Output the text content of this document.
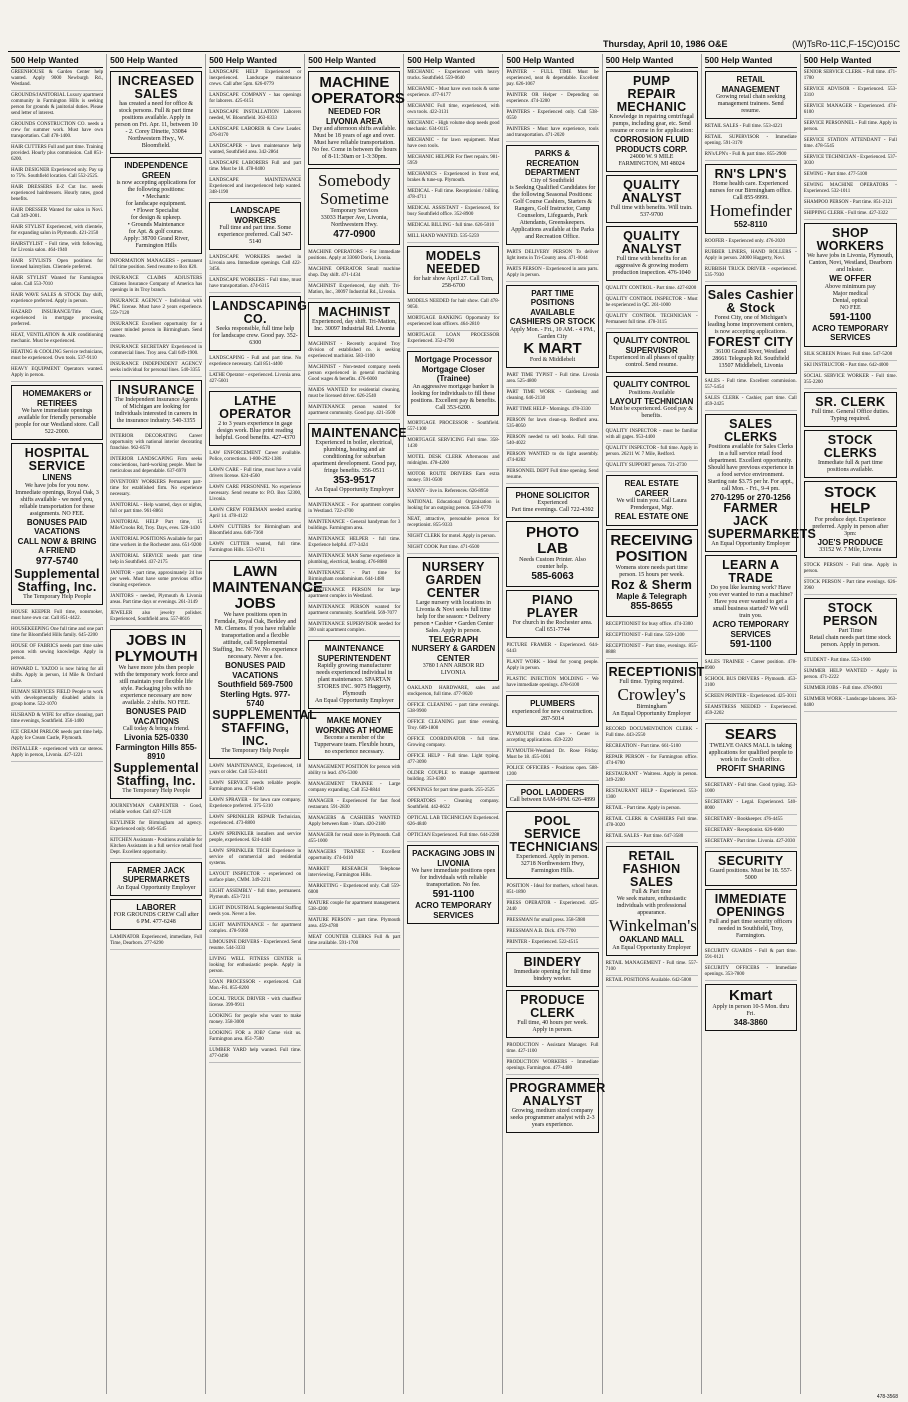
Thursday, April 10, 1986 O&E	(W)TsRo-11C,F-15C)O15C
500 Help Wanted
GREENHOUSE & Garden Center help wanted. Apply 9000 Newburgh Rd., Westland.
GROUNDS/JANITORIAL Luxury apartment community in Farmington Hills is seeking person for grounds & janitorial duties. Please send letter of interest.
GROUNDS CONSTRUCTION CO. needs a crew for summer work. Must have own transportation. Call 478-1400.
HAIR CUTTERS Full and part time. Training provided. Hourly plus commission. Call 851-6200.
HAIR DESIGNER Experienced only. Pay up to 75%. Southfield location. Call 552-2525.
HAIR DRESSERS E-Z Cut Inc. needs experienced hairdressers. Hourly rates, good benefits.
HAIR DRESSER Wanted for salon in Novi. Call 349-2001.
HAIR STYLIST Experienced, with clientele, for expanding salon in Plymouth. 421-2150
HAIRSTYLIST - Full time, with following, for Livonia salon. 464-1940
HAIR STYLISTS Open positions for licensed hairstylists. Clientele preferred.
HAIR STYLIST Wanted for Farmington salon. Call 553-7010
HAIR WAVE SALES & STOCK Day shift, experience preferred. Apply in person.
HAZARD INSURANCE/Title Clerk, experienced in mortgage processing preferred.
HEAT, VENTILATION & AIR conditioning mechanic. Must be experienced.
HEATING & COOLING Service technicians, must be experienced. Own tools. 537-9110
HEAVY EQUIPMENT Operators wanted. Apply in person.
HOMEMAKERS or RETIREES
We have immediate openings available for friendly personable people for our Westland store. Call 522-2000.
HOSPITAL SERVICE
LINENS
We have jobs for you now. Immediate openings, Royal Oak, 3 shifts available - we need you, reliable transportation for these assignments. NO FEE.
BONUSES PAID VACATIONS
CALL NOW & BRING A FRIEND
977-5740
Supplemental Staffing, Inc.
The Temporary Help People
HOUSE KEEPER Full time, nonsmoker, must have own car. Call 851-4422.
HOUSEKEEPING One full time and one part time for Bloomfield Hills family. 645-2200
HOUSE OF FABRICS needs part time sales person with sewing knowledge. Apply in person.
HOWARD L. YAZOO is now hiring for all shifts. Apply in person, 14 Mile & Orchard Lake.
HUMAN SERVICES FIELD People to work with developmentally disabled adults in group home. 522-1070
HUSBAND & WIFE for office cleaning, part time evenings, Southfield. 356-1400
ICE CREAM PARLOR needs part time help. Apply Ice Cream Castle, Plymouth.
INSTALLER - experienced with car stereos. Apply in person, Livonia. 427-1221
500 Help Wanted
INCREASED SALES
has created a need for office & stock persons. Full & part time positions available. Apply in person on Fri. Apr. 11, between 10 - 2. Corey Dinette, 33084 Northwestern Hwy., W. Bloomfield.
INDEPENDENCE GREEN
is now accepting applications for the following positions:
• Mechanic
for landscape equipment.
• Flower Specialist
for design & upkeep.
• Grounds Maintenance
for Apt. & golf course.
Apply: 38700 Grand River, Farmington Hills
INFORMATION MANAGERS - permanent full time position. Send resume to Box 820.
INSURANCE CLAIMS ADJUSTERS Citizens Insurance Company of America has openings in its Troy branch.
INSURANCE AGENCY - Individual with P&C license. Must have 2 years experience. 559-7120
INSURANCE Excellent opportunity for a career minded person in Birmingham. Send resume.
INSURANCE SECRETARY Experienced in commercial lines. Troy area. Call 649-1900.
INSURANCE INDEPENDENT AGENCY seeks individual for personal lines. 540-3355
INSURANCE
The Independent Insurance Agents of Michigan are looking for individuals interested in careers in the insurance industry. 540-3355
INTERIOR DECORATING Career opportunity with national interior decorating franchise. 962-8570
INTERIOR LANDSCAPING Firm seeks conscientious, hard-working people. Must be meticulous and dependable. 637-6970
INVENTORY WORKERS Permanent part-time for established firm. No experience necessary.
JANITORIAL - Help wanted, days or nights, full or part time. 961-8861
JANITORIAL HELP Part time, 15 Mile/Crooks Rd, Troy. Days, eves. 528-1430
JANITORIAL POSITIONS Available for part time workers in the Rochester area. 651-9200
JANITORIAL SERVICE needs part time help in Southfield. 437-2175
JANITOR - part time, approximately 24 hrs per week. Must have some previous office cleaning experience.
JANITORS - needed, Plymouth & Livonia areas. Part time days or evenings. 261-3149
JEWELER also jewelry polisher. Experienced, Southfield area. 557-8616
JOBS IN PLYMOUTH
We have more jobs then people with the temporary work force and still maintain your flexible life style. Packaging jobs with no experience necessary are now available. 2 shifts. NO FEE.
BONUSES PAID VACATIONS
Call today & bring a friend.
Livonia 525-0330
Farmington Hills 855-8910
Supplemental Staffing, Inc.
The Temporary Help People
JOURNEYMAN CARPENTER - Good, reliable worker. Call 427-1120
KEYLINER for Birmingham ad agency. Experienced only. 646-6545
KITCHEN Assistants - Positions available for Kitchen Assistants in a full service retail food Dept. Excellent opportunity.
FARMER JACK SUPERMARKETS
An Equal Opportunity Employer
LABORER
FOR GROUNDS CREW Call after 6 PM. 477-6248
LAMINATOR Experienced, immediate, Full Time, Dearborn. 277-6290
500 Help Wanted
LANDSCAPE HELP Experienced or inexperienced. Landscape maintenance crews. Call after 5pm. 626-0779
LANDSCAPE COMPANY - has openings for laborers. 425-6151
LANDSCAPE INSTALLATION Laborers needed, W. Bloomfield. 363-8333
LANDSCAPE LABORER & Crew Leader. 476-8170
LANDSCAPER - lawn maintenance help wanted, Southfield area. 342-2864
LANDSCAPE LABORERS Full and part time. Must be 18. 478-0400
LANDSCAPE MAINTENANCE Experienced and inexperienced help wanted. 348-1190
LANDSCAPE WORKERS
Full time and part time. Some experience preferred. Call 347-5140
LANDSCAPE WORKERS needed in Livonia area. Immediate openings. Call 422-3456.
LANDSCAPE WORKERS - Full time, must have transportation. 474-6315
LANDSCAPING CO.
Seeks responsible, full time help for landscape crew. Good pay. 352-6300
LANDSCAPING - Full and part time. No experience necessary. Call 851-4400
LATHE Operator - experienced. Livonia area. 427-5601
LATHE OPERATOR
2 to 3 years experience in gage design work. Blue print reading helpful. Good benefits. 427-4370
LAW ENFORCEMENT Career available. Police, corrections. 1-800-292-1386
LAWN CARE - Full time, must have a valid drivers license. 624-4560
LAWN CARE PERSONNEL No experience necessary. Send resume to: P.O. Box 52300, Livonia.
LAWN CREW FOREMAN needed starting April 14. 478-4122
LAWN CUTTERS for Birmingham and Bloomfield area. 646-7360
LAWN CUTTER wanted, full time. Farmington Hills. 553-0711
LAWN MAINTENANCE JOBS
We have positions open in Ferndale, Royal Oak, Berkley and Mt. Clemens. If you have reliable transportation and a flexible attitude, call Supplemental Staffing, Inc. NOW. No experience necessary. Never a fee.
BONUSES PAID VACATIONS
Southfield 569-7500
Sterling Hgts. 977-5740
SUPPLEMENTAL STAFFING, INC.
The Temporary Help People
LAWN MAINTENANCE, Experienced, 18 years or older. Call 553-4441
LAWN SERVICE needs reliable people. Farmington area. 476-6340
LAWN SPRAYER - for lawn care company. Experience preferred. 375-5310
LAWN SPRINKLER REPAIR Technician, experienced. 473-8800
LAWN SPRINKLER installers and service people, experienced. 624-4448
LAWN SPRINKLER TECH Experience in service of commercial and residential systems.
LAYOUT INSPECTOR - experienced on surface plate, CMM. 349-2211
LIGHT ASSEMBLY - full time, permanent. Plymouth. 453-7211
LIGHT INDUSTRIAL Supplemental Staffing needs you. Never a fee.
LIGHT MAINTENANCE - for apartment complex. 478-9360
LIMOUSINE DRIVERS - Experienced. Send resume. 544-3333
LIVING WELL FITNESS CENTER is looking for enthusiastic people. Apply in person.
LOAN PROCESSOR - experienced. Call Mon.-Fri. 855-8200
LOCAL TRUCK DRIVER - with chauffeur license. 399-9911
LOOKING for people who want to make money. 358-3000
LOOKING FOR a JOB? Come visit us. Farmington area. 851-7500
LUMBER YARD help wanted. Full time. 477-0490
500 Help Wanted
MACHINE OPERATORS
NEEDED FOR LIVONIA AREA
Day and afternoon shifts available. Must be 18 years of age and over. Must have reliable transportation. No fee. Come in between the hours of 8-11:30am or 1-3:30pm.
Somebody Sometime
Temporary Services
33033 Harper Ave, Livonia, Northwestern Hwy.
477-0900
MACHINE OPERATORS - For immediate positions. Apply at 33060 Doris, Livonia.
MACHINE OPERATOR Small machine shop. Day shift. 471-1434
MACHINIST Experienced, day shift. Tri-Mation, Inc., 30097 Industrial Rd., Livonia.
MACHINIST
Experienced, day shift. Tri-Mation, Inc. 30097 Industrial Rd. Livonia
MACHINIST - Recently acquired Troy division of established co. is seeking experienced machinist. 583-1100
MACHINIST - Non-tested company needs person experienced in general machining. Good wages & benefits. 476-6000
MAIDS WANTED for residential cleaning, must be licensed driver. 626-2540
MAINTENANCE person wanted for apartment community. Good pay. 421-3500
MAINTENANCE
Experienced in boiler, electrical, plumbing, heating and air conditioning for suburban apartment development. Good pay, fringe benefits. 356-0511
353-9517
An Equal Opportunity Employer
MAINTENANCE - For apartment complex in Westland. 722-4700
MAINTENANCE - General handyman for 3 buildings. Farmington area.
MAINTENANCE HELPER - full time. Experience helpful. 477-3424
MAINTENANCE MAN Some experience in plumbing, electrical, heating. 476-8080
MAINTENANCE - Part time for Birmingham condominium. 644-1480
MAINTENANCE PERSON for large apartment complex in Westland.
MAINTENANCE PERSON wanted for apartment community. Southfield. 569-7077
MAINTENANCE SUPERVISOR needed for 300 unit apartment complex.
MAINTENANCE SUPERINTENDENT
Rapidly growing manufacturer needs experienced individual in plant maintenance. SPARTAN STORES INC. 9075 Haggerty, Plymouth
An Equal Opportunity Employer
MAKE MONEY WORKING AT HOME
Become a member of the Tupperware team. Flexible hours, no experience necessary.
MANAGEMENT POSITION for person with ability to lead. 476-5300
MANAGEMENT TRAINEE - Large company expanding. Call 352-8844
MANAGER - Experienced for fast food restaurant. 591-2830
MANAGERS & CASHIERS WANTED Apply between 8am - 10am. 420-2180
MANAGER for retail store in Plymouth. Call 455-1000
MANAGERS TRAINEE - Excellent opportunity. 474-0410
MARKET RESEARCH Telephone interviewing. Farmington Hills.
MARKETING - Experienced only. Call 559-6000
MATURE couple for apartment management. 538-4200
MATURE PERSON - part time. Plymouth area. 459-4780
MEAT COUNTER CLERKS Full & part time available. 591-1700
500 Help Wanted
MECHANIC - Experienced with heavy trucks. Southfield. 559-0640
MECHANIC - Must have own tools & some experience. 477-6177
MECHANIC Full time, experienced, with own tools. 422-3131
MECHANIC - High volume shop needs good mechanic. 634-0115
MECHANIC - for lawn equipment. Must have own tools.
MECHANIC HELPER For fleet repairs. 981-5959
MECHANICS - Experienced in front end, brakes & tune-up. Plymouth.
MEDICAL - Full time. Receptionist / billing. 478-4711
MEDICAL ASSISTANT - Experienced, for busy Southfield office. 352-8900
MEDICAL BILLING - full time. 626-5010
MILL HAND WANTED. 535-5259
MODELS NEEDED
for hair show April 27. Call Tom, 258-6700
MODELS NEEDED for hair show. Call 478-9050.
MORTGAGE BANKING Opportunity for experienced loan officers. 464-2810
MORTGAGE LOAN PROCESSOR Experienced. 352-4790
Mortgage Processor Mortgage Closer (Trainee)
An aggressive mortgage banker is looking for individuals to fill these positions. Excellent pay & benefits. Call 353-6200.
MORTGAGE PROCESSOR - Southfield. 557-1100
MORTGAGE SERVICING Full time. 358-1430
MOTEL DESK CLERK Afternoons and midnights. 478-4200
MOTOR ROUTE DRIVERS Earn extra money. 591-0500
NANNY - live in. References. 626-8950
NATIONAL Educational Organization is looking for an outgoing person. 559-0770
NEAT, attractive, personable person for receptionist. 855-9333
NIGHT CLERK for motel. Apply in person.
NIGHT COOK Part time. 471-6500
NURSERY GARDEN CENTER
Large nursery with locations in Livonia & Novi seeks full time help for the season: • Delivery person • Cashier • Garden Center Sales. Apply in person.
TELEGRAPH NURSERY & GARDEN CENTER
3780 I ANN ARBOR RD LIVONIA
OAKLAND HARDWARE, sales and stockperson, full time. 477-9020
OFFICE CLEANING - part time evenings. 538-9900
OFFICE CLEANING part time evening. Troy. 689-1800
OFFICE COORDINATOR - full time. Growing company.
OFFICE HELP - Full time. Light typing. 477-3090
OLDER COUPLE to manage apartment building. 353-6300
OPENINGS for part time guards. 255-2525
OPERATORS - Cleaning company. Southfield. 442-8622
OPTICAL LAB TECHNICIAN Experienced. 626-4840
OPTICIAN Experienced. Full time. 644-2288
PACKAGING JOBS IN LIVONIA
We have immediate positions open for individuals with reliable transportation. No fee.
591-1100
ACRO TEMPORARY SERVICES
500 Help Wanted
PAINTER - FULL TIME Must be experienced, neat & dependable. Excellent pay. 626-1067
PAINTER OR Helper - Depending on experience. 474-3200
PAINTERS - Experienced only. Call 538-0550
PAINTERS - Must have experience, tools and transportation. 471-2020
PARKS & RECREATION DEPARTMENT
City of Southfield
is Seeking Qualified Candidates for the following Seasonal Positions: Golf Course Cashiers, Starters & Rangers, Golf Instructor, Camp Counselors, Lifeguards, Park Attendants, Greenskeepers. Applications available at the Parks and Recreation Office.
PARTS DELIVERY PERSON To deliver light items in Tri-County area. 471-0044
PARTS PERSON - Experienced in auto parts. Apply in person.
PART TIME POSITIONS AVAILABLE
CASHIERS OR STOCK
Apply Mon. - Fri., 10 AM. - 4 PM., Garden City
K MART
Ford & Middlebelt
PART TIME TYPIST - Full time. Livonia area. 525-4800
PART TIME WORK - Gardening and cleaning. 646-2130
PART TIME HELP - Mornings. 478-3330
PERSON for lawn clean-up. Redford area. 535-8050
PERSON needed to sell books. Full time. 540-4022
PERSON WANTED to do light assembly. 474-8282
PERSONNEL DEPT Full time opening. Send resume.
PHONE SOLICITOR
Experienced
Part time evenings. Call 722-4392
PHOTO LAB
Needs Custom Printer. Also counter help.
585-6063
PIANO PLAYER
For church in the Rochester area. Call 651-7744
PICTURE FRAMER - Experienced. 644-6443
PLANT WORK - Ideal for young people. Apply in person.
PLASTIC INJECTION MOLDING - We have immediate openings. 478-6100
PLUMBERS
experienced for new construction. 287-5014
PLYMOUTH Child Care - Center is accepting applications. 459-2220
PLYMOUTH-Westland Dr. Rose Friday. Must be 18. 455-1061
POLICE OFFICERS - Positions open. 588-1200
POOL LADDERS
Call between 8AM-6PM. 626-4899
POOL SERVICE TECHNICIANS
Experienced. Apply in person. 32718 Northwestern Hwy, Farmington Hills.
POSITION - Ideal for mothers, school hours. 851-1890
PRESS OPERATOR - Experienced. 425-2440
PRESSMAN for small press. 358-5980
PRESSMAN A.B. Dick. 476-7700
PRINTER - Experienced. 522-4515
BINDERY
Immediate opening for full time bindery worker.
PRODUCE CLERK
Full time, 40 hours per week. Apply in person.
PRODUCTION - Assistant Manager. Full time. 427-1100
PRODUCTION WORKERS - Immediate openings. Farmington. 477-4480
PROGRAMMER ANALYST
Growing, medium sized company seeks programmer analyst with 2-3 years experience.
500 Help Wanted
PUMP REPAIR MECHANIC
Knowledge in repairing centrifugal pumps, including gear, etc. Send resume or come in for application:
CORROSION FLUID PRODUCTS CORP.
24000 W. 9 MILE FARMINGTON, MI 48024
QUALITY ANALYST
Full time with benefits. Will train. 537-9700
QUALITY ANALYST
Full time with benefits for an aggressive & growing modern production inspection. 476-1040
QUALITY CONTROL - Part time. 427-8200
QUALITY CONTROL INSPECTOR - Must be experienced in QC. 261-1000
QUALITY CONTROL TECHNICIAN - Permanent full time. 478-3115
QUALITY CONTROL SUPERVISOR
Experienced in all phases of quality control. Send resume.
QUALITY CONTROL
Positions Available
LAYOUT TECHNICIAN
Must be experienced. Good pay & benefits.
QUALITY INSPECTOR - must be familiar with all gages. 953-4400
QUALITY INSPECTOR - full time. Apply in person. 26211 W. 7 Mile, Redford.
QUALITY SUPPORT person. 721-2730
REAL ESTATE CAREER
We will train you. Call Laura Prendergast, Mgr.
REAL ESTATE ONE
RECEIVING POSITION
Womens store needs part time person. 15 hours per week.
Roz & Sherm
Maple & Telegraph
855-8655
RECEPTIONIST for busy office. 474-3300
RECEPTIONIST - Full time. 559-1200
RECEPTIONIST - Part time, evenings. 855-8888
RECEPTIONIST
Full time. Typing required.
Crowley's
Birmingham
An Equal Opportunity Employer
RECORD DOCUMENTATION CLERK - Full time. 443-2550
RECREATION - Part time. 661-5100
REPAIR PERSON - for Farmington office. 474-6700
RESTAURANT - Waitress. Apply in person. 349-2200
RESTAURANT HELP - Experienced. 553-1300
RETAIL - Part time. Apply in person.
RETAIL CLERK & CASHIERS Full time. 478-3020
RETAIL SALES - Part time. 647-3580
RETAIL FASHION SALES
Full & Part time
We seek mature, enthusiastic individuals with professional appearance.
Winkelman's
OAKLAND MALL
An Equal Opportunity Employer
RETAIL MANAGEMENT - Full time. 557-7100
RETAIL POSITIONS Available. 642-5000
500 Help Wanted
RETAIL MANAGEMENT
Growing retail chain seeking management trainees. Send resume.
RETAIL SALES - Full time. 553-4221
RETAIL SUPERVISOR - Immediate opening. 591-3170
RN's/LPN's - Full & part time. 855-2900
RN'S LPN'S
Home health care. Experienced nurses for our Birmingham office. Call 855-9999.
Homefinder
552-8110
ROOFER - Experienced only. 476-2020
RUBBER LINERS, HAND ROLLERS - Apply in person. 24000 Haggerty, Novi.
RUBBISH TRUCK DRIVER - experienced. 535-7930
Sales Cashier & Stock
Forest City, one of Michigan's leading home improvement centers, is now accepting applications.
FOREST CITY
36100 Grand River, Westland
28661 Telegraph Rd. Southfield
13507 Middlebelt, Livonia
SALES - Full time. Excellent commission. 557-5454
SALES CLERK - Cashier, part time. Call 459-2425
SALES CLERKS
Positions available for Sales Clerks in a full service retail food department. Excellent opportunity. Should have previous experience in a food service environment. Starting rate $3.75 per hr. For appt., call Mon. - Fri., 9-4 pm.
270-1295 or 270-1256
FARMER JACK SUPERMARKETS
An Equal Opportunity Employer
LEARN A TRADE
Do you like learning work? Have you ever wanted to run a machine? Have you ever wanted to get a small business started? We will train you.
ACRO TEMPORARY SERVICES
591-1100
SALES TRAINEE - Career position. 478-8900
SCHOOL BUS DRIVERS - Plymouth. 453-3100
SCREEN PRINTER - Experienced. 425-3011
SEAMSTRESS NEEDED - Experienced. 459-2202
SEARS
TWELVE OAKS MALL is taking applications for qualified people to work in the Credit office.
PROFIT SHARING
SECRETARY - Full time. Good typing. 353-1000
SECRETARY - Legal. Experienced. 540-8000
SECRETARY - Bookkeeper. 476-4455
SECRETARY - Receptionist. 626-6600
SECRETARY - Part time. Livonia. 427-2030
SECURITY
Guard positions. Must be 18. 557-5000
IMMEDIATE OPENINGS
Full and part time security officers needed in Southfield, Troy, Farmington.
SECURITY GUARDS - Full & part time. 591-0121
SECURITY OFFICERS - Immediate openings. 353-7800
Kmart
Apply in person 10-5 Mon. thru Fri.
348-3860
500 Help Wanted
SENIOR SERVICE CLERK - Full time. 471-1700
SERVICE ADVISOR - Experienced. 553-3310
SERVICE MANAGER - Experienced. 474-6100
SERVICE PERSONNEL - Full time. Apply in person.
SERVICE STATION ATTENDANT - Full time. 478-5545
SERVICE TECHNICIAN - Experienced. 537-3030
SEWING - Part time. 477-5100
SEWING MACHINE OPERATORS - Experienced. 532-1011
SHAMPOO PERSON - Part time. 851-2121
SHIPPING CLERK - Full time. 427-3322
SHOP WORKERS
We have jobs in Livonia, Plymouth, Canton, Novi, Westland, Dearborn and Inkster.
WE OFFER
Above minimum pay
Major medical
Dental, optical
NO FEE
591-1100
ACRO TEMPORARY SERVICES
SILK SCREEN Printer. Full time. 547-5200
SKI INSTRUCTOR - Part time. 642-4000
SOCIAL SERVICE WORKER - Full time. 355-2200
SR. CLERK
Full time. General Office duties. Typing required.
STOCK CLERKS
Immediate full & part time positions available.
STOCK HELP
For produce dept. Experience preferred. Apply in person after 3pm:
JOE'S PRODUCE
33152 W. 7 Mile, Livonia
STOCK PERSON - Full time. Apply in person.
STOCK PERSON - Part time evenings. 626-3960
STOCK PERSON
Part Time
Retail chain needs part time stock person. Apply in person.
STUDENT - Part time. 553-1900
SUMMER HELP WANTED - Apply in person. 471-2222
SUMMER JOBS - Full time. 478-0901
SUMMER WORK - Landscape laborers. 363-0400
478-3568
